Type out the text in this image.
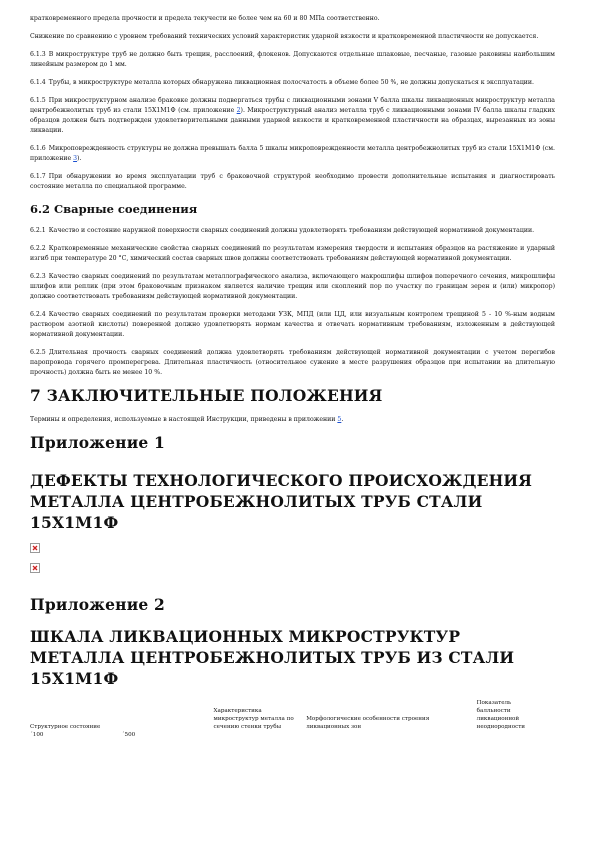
кратковременного предела прочности и предела текучести не более чем на 60 и 80 МПа соответственно.

Снижение по сравнению с уровнем требований технических условий характеристик ударной вязкости и кратковременной пластичности не допускается.

6.1.3 В микроструктуре труб не должно быть трещин, расслоений, флокенов. Допускаются отдельные шлаковые, песчаные, газовые раковины наибольшим линейным размером до 1 мм.

6.1.4 Трубы, в микроструктуре металла которых обнаружена ликвационная полосчатость в объеме более 50 %, не должны допускаться к эксплуатации.

6.1.5 При микроструктурном анализе браковке должны подвергаться трубы с ликвационными зонами V балла шкалы ликвационных микроструктур металла центробежнолитых труб из стали 15Х1М1Ф (см. приложение 2). Микроструктурный анализ металла труб с ликвационными зонами IV балла шкалы гладких образцов должен быть подтвержден удовлетворительными данными ударной вязкости и кратковременной пластичности на образцах, вырезанных из зоны ликвации.

6.1.6 Микроповрежденность структуры не должна превышать балла 5 шкалы микроповрежденности металла центробежнолитых труб из стали 15Х1М1Ф (см. приложение 3).

6.1.7 При обнаружении во время эксплуатации труб с браковочной структурой необходимо провести дополнительные испытания и диагностировать состояние металла по специальной программе.

6.2 Сварные соединения

6.2.1 Качество и состояние наружной поверхности сварных соединений должны удовлетворять требованиям действующей нормативной документации.

6.2.2 Кратковременные механические свойства сварных соединений по результатам измерения твердости и испытания образцов на растяжение и ударный изгиб при температуре 20 °С, химический состав сварных швов должны соответствовать требованиям действующей нормативной документации.

6.2.3 Качество сварных соединений по результатам металлографического анализа, включающего макрошлифы шлифов поперечного сечения, микрошлифы шлифов или реплик (при этом браковочным признаком является наличие трещин или скоплений пор по участку по границам зерен и (или) микропор) должно соответствовать требованиям действующей нормативной документации.

6.2.4 Качество сварных соединений по результатам проверки методами УЗК, МПД (или ЦД, или визуальным контролем трещиной 5 - 10 %-ным водным раствором азотной кислоты) поверенной должно удовлетворять нормам качества и отвечать нормативным требованиям, изложенным в действующей нормативной документации.

6.2.5 Длительная прочность сварных соединений должна удовлетворять требованиям действующей нормативной документации с учетом перегибов паропровода горячего промперегрева. Длительная пластичность (относительное сужение в месте разрушения образцов при испытании на длительную прочность) должна быть не менее 10 %.

7 ЗАКЛЮЧИТЕЛЬНЫЕ ПОЛОЖЕНИЯ

Термины и определения, используемые в настоящей Инструкции, приведены в приложении 5.

Приложение 1
ДЕФЕКТЫ ТЕХНОЛОГИЧЕСКОГО ПРОИСХОЖДЕНИЯ МЕТАЛЛА ЦЕНТРОБЕЖНОЛИТЫХ ТРУБ СТАЛИ 15Х1М1Ф
Приложение 2
ШКАЛА ЛИКВАЦИОННЫХ МИКРОСТРУКТУР МЕТАЛЛА ЦЕНТРОБЕЖНОЛИТЫХ ТРУБ ИЗ СТАЛИ 15Х1М1Ф
Структурное состояние		Характеристика микроструктур металла по сечению стенки трубы	Морфологические особенности строения ликвационных зон	Показатель балльности ликвационной неоднородности
´100	´500			
